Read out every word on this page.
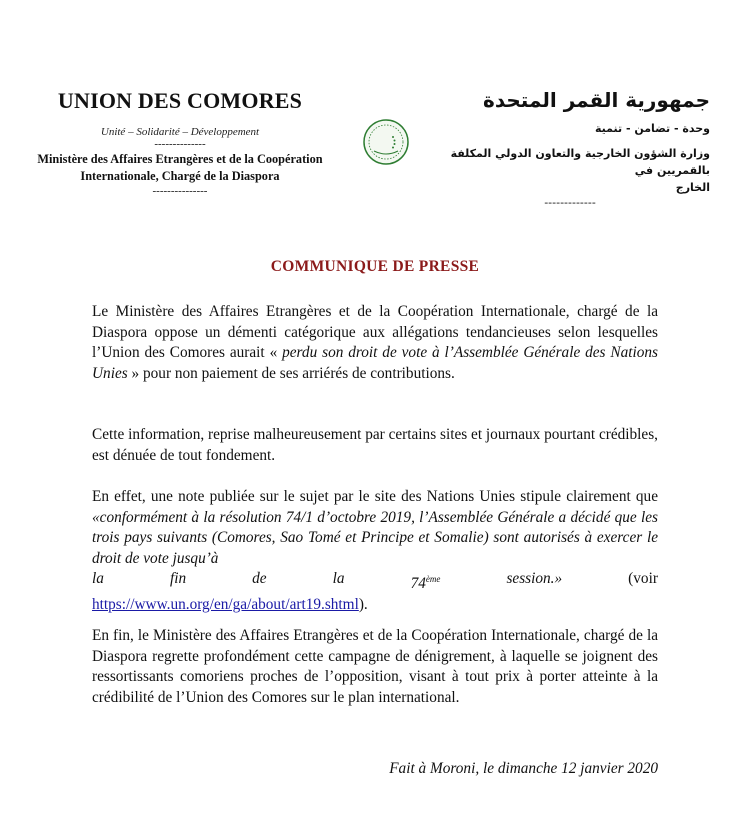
UNION DES COMORES
Unité – Solidarité – Développement
--------------
Ministère des Affaires Etrangères et de la Coopération
Internationale, Chargé de la Diaspora
---------------
جمهورية القمر المتحدة
وحدة - تضامن - تنمية
وزارة الشؤون الخارجية والتعاون الدولي المكلفة بالقمريين في
الخارج
-------------
COMMUNIQUE DE PRESSE
Le Ministère des Affaires Etrangères et de la Coopération Internationale, chargé de la Diaspora oppose un démenti catégorique aux allégations tendancieuses selon lesquelles l’Union des Comores aurait « perdu son droit de vote à l’Assemblée Générale des Nations Unies » pour non paiement de ses arriérés de contributions.
Cette information, reprise malheureusement par certains sites et journaux pourtant crédibles, est dénuée de tout fondement.
En effet, une note publiée sur le sujet par le site des Nations Unies stipule clairement que «conformément à la résolution 74/1 d’octobre 2019, l’Assemblée Générale a décidé que les trois pays suivants (Comores, Sao Tomé et Principe et Somalie) sont autorisés à exercer le droit de vote jusqu’à
la	fin	de	la	74ème	session.»	(voir
https://www.un.org/en/ga/about/art19.shtml).
En fin, le Ministère des Affaires Etrangères et de la Coopération Internationale, chargé de la Diaspora regrette profondément cette campagne de dénigrement, à laquelle se joignent des ressortissants comoriens proches de l’opposition, visant à tout prix à porter atteinte à la crédibilité de l’Union des Comores sur le plan international.
Fait à Moroni, le dimanche 12 janvier 2020
